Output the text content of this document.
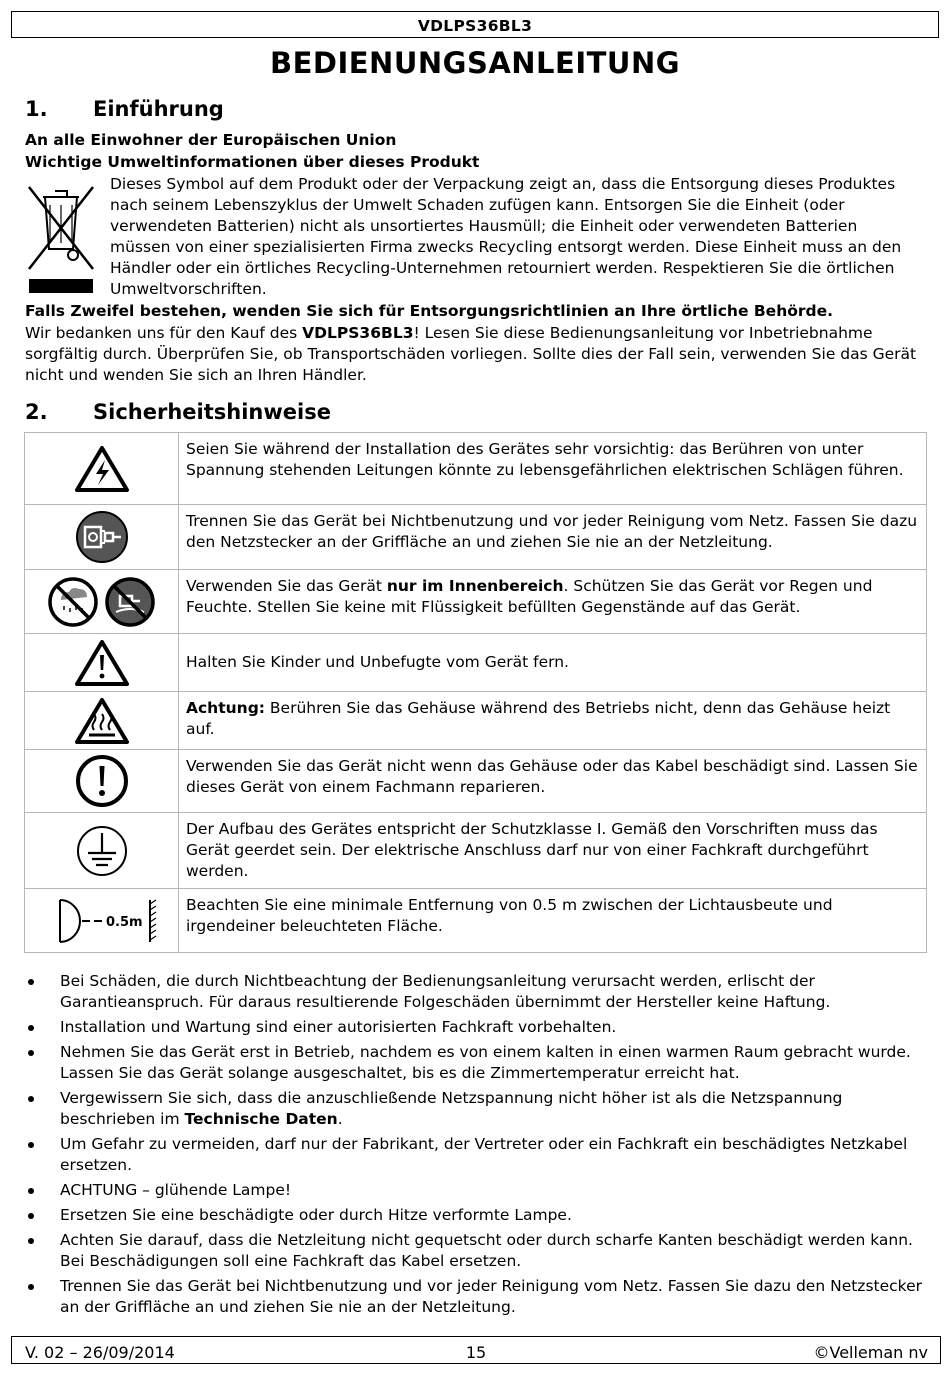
VDLPS36BL3
BEDIENUNGSANLEITUNG
1. Einführung
An alle Einwohner der Europäischen Union
Wichtige Umweltinformationen über dieses Produkt
Dieses Symbol auf dem Produkt oder der Verpackung zeigt an, dass die Entsorgung dieses Produktes nach seinem Lebenszyklus der Umwelt Schaden zufügen kann. Entsorgen Sie die Einheit (oder verwendeten Batterien) nicht als unsortiertes Hausmüll; die Einheit oder verwendeten Batterien müssen von einer spezialisierten Firma zwecks Recycling entsorgt werden. Diese Einheit muss an den Händler oder ein örtliches Recycling-Unternehmen retourniert werden. Respektieren Sie die örtlichen Umweltvorschriften.
Falls Zweifel bestehen, wenden Sie sich für Entsorgungsrichtlinien an Ihre örtliche Behörde.
Wir bedanken uns für den Kauf des VDLPS36BL3! Lesen Sie diese Bedienungsanleitung vor Inbetriebnahme sorgfältig durch. Überprüfen Sie, ob Transportschäden vorliegen. Sollte dies der Fall sein, verwenden Sie das Gerät nicht und wenden Sie sich an Ihren Händler.
2. Sicherheitshinweise
	Seien Sie während der Installation des Gerätes sehr vorsichtig: das Berühren von unter Spannung stehenden Leitungen könnte zu lebensgefährlichen elektrischen Schlägen führen.

	Trennen Sie das Gerät bei Nichtbenutzung und vor jeder Reinigung vom Netz. Fassen Sie dazu den Netzstecker an der Griffläche an und ziehen Sie nie an der Netzleitung.

	Verwenden Sie das Gerät nur im Innenbereich. Schützen Sie das Gerät vor Regen und Feuchte. Stellen Sie keine mit Flüssigkeit befüllten Gegenstände auf das Gerät.

	Halten Sie Kinder und Unbefugte vom Gerät fern.

	Achtung: Berühren Sie das Gehäuse während des Betriebs nicht, denn das Gehäuse heizt auf.

	Verwenden Sie das Gerät nicht wenn das Gehäuse oder das Kabel beschädigt sind. Lassen Sie dieses Gerät von einem Fachmann reparieren.

	Der Aufbau des Gerätes entspricht der Schutzklasse I. Gemäß den Vorschriften muss das Gerät geerdet sein. Der elektrische Anschluss darf nur von einer Fachkraft durchgeführt werden.

0.5m	Beachten Sie eine minimale Entfernung von 0.5 m zwischen der Lichtausbeute und irgendeiner beleuchteten Fläche.
Bei Schäden, die durch Nichtbeachtung der Bedienungsanleitung verursacht werden, erlischt der Garantieanspruch. Für daraus resultierende Folgeschäden übernimmt der Hersteller keine Haftung.
Installation und Wartung sind einer autorisierten Fachkraft vorbehalten.
Nehmen Sie das Gerät erst in Betrieb, nachdem es von einem kalten in einen warmen Raum gebracht wurde. Lassen Sie das Gerät solange ausgeschaltet, bis es die Zimmertemperatur erreicht hat.
Vergewissern Sie sich, dass die anzuschließende Netzspannung nicht höher ist als die Netzspannung beschrieben im Technische Daten.
Um Gefahr zu vermeiden, darf nur der Fabrikant, der Vertreter oder ein Fachkraft ein beschädigtes Netzkabel ersetzen.
ACHTUNG – glühende Lampe!
Ersetzen Sie eine beschädigte oder durch Hitze verformte Lampe.
Achten Sie darauf, dass die Netzleitung nicht gequetscht oder durch scharfe Kanten beschädigt werden kann. Bei Beschädigungen soll eine Fachkraft das Kabel ersetzen.
Trennen Sie das Gerät bei Nichtbenutzung und vor jeder Reinigung vom Netz. Fassen Sie dazu den Netzstecker an der Griffläche an und ziehen Sie nie an der Netzleitung.
V. 02 – 26/09/2014	15	©Velleman nv
